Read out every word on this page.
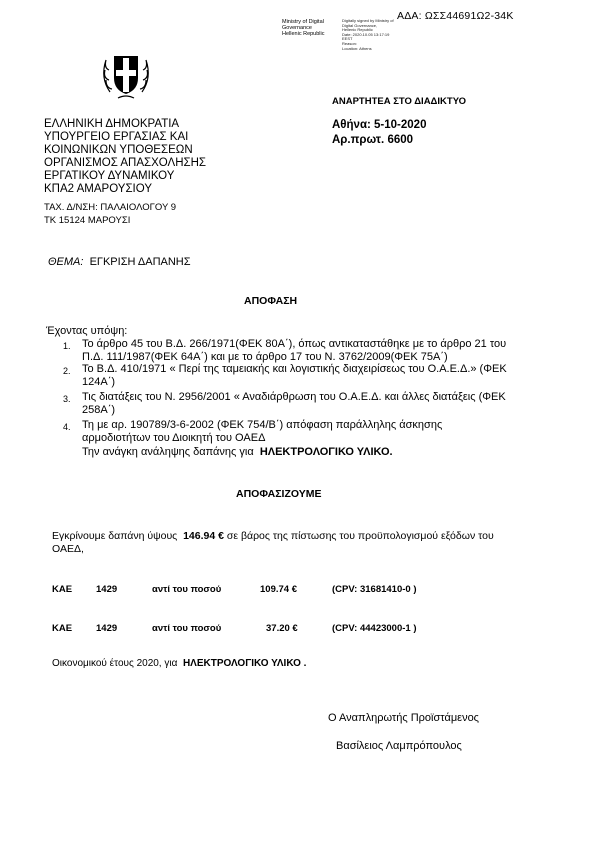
ΑΔΑ: ΩΣΣ44691Ω2-34Κ
Ministry of Digital
Governance
Hellenic Republic
Digitally signed by Ministry of
Digital Governance,
Hellenic Republic
Date: 2020.10.05 13:17:19
EEST
Reason:
Location: Athens
ΑΝΑΡΤΗΤΕΑ ΣΤΟ ΔΙΑΔΙΚΤΥΟ
ΕΛΛΗΝΙΚΗ ΔΗΜΟΚΡΑΤΙΑ
ΥΠΟΥΡΓΕΙΟ ΕΡΓΑΣΙΑΣ ΚΑΙ
ΚΟΙΝΩΝΙΚΩΝ ΥΠΟΘΕΣΕΩΝ
ΟΡΓΑΝΙΣΜΟΣ ΑΠΑΣΧΟΛΗΣΗΣ
ΕΡΓΑΤΙΚΟΥ ΔΥΝΑΜΙΚΟΥ
ΚΠΑ2 ΑΜΑΡΟΥΣΙΟΥ
ΤΑΧ. Δ/ΝΣΗ: ΠΑΛΑΙΟΛΟΓΟΥ 9
ΤΚ 15124 ΜΑΡΟΥΣΙ
Αθήνα: 5-10-2020
Αρ.πρωτ. 6600
ΘΕΜΑ: ΕΓΚΡΙΣΗ ΔΑΠΑΝΗΣ
ΑΠΟΦΑΣΗ
Έχοντας υπόψη:
1. Το άρθρο 45 του Β.Δ. 266/1971(ΦΕΚ 80Α΄), όπως αντικαταστάθηκε με το άρθρο 21 του
Π.Δ. 111/1987(ΦΕΚ 64Α΄) και με το άρθρο 17 του Ν. 3762/2009(ΦΕΚ 75Α΄)
2. Το Β.Δ. 410/1971 « Περί της ταμειακής και λογιστικής διαχειρίσεως του Ο.Α.Ε.Δ.» (ΦΕΚ
124Α΄)
3. Τις διατάξεις του Ν. 2956/2001 « Αναδιάρθρωση του Ο.Α.Ε.Δ. και άλλες διατάξεις (ΦΕΚ
258Α΄)
4. Τη με αρ. 190789/3-6-2002 (ΦΕΚ 754/Β΄) απόφαση παράλληλης άσκησης
αρμοδιοτήτων του Διοικητή του ΟΑΕΔ
Την ανάγκη ανάληψης δαπάνης για ΗΛΕΚΤΡΟΛΟΓΙΚΟ ΥΛΙΚΟ.
ΑΠΟΦΑΣΙΖΟΥΜΕ
Εγκρίνουμε δαπάνη ύψους 146.94 € σε βάρος της πίστωσης του προϋπολογισμού εξόδων του
ΟΑΕΔ,
ΚΑΕ	1429	αντί του ποσού	109.74 €	(CPV: 31681410-0 )
ΚΑΕ	1429	αντί του ποσού	37.20 €	(CPV: 44423000-1 )
Οικονομικού έτους 2020, για ΗΛΕΚΤΡΟΛΟΓΙΚΟ ΥΛΙΚΟ .
Ο Αναπληρωτής Προϊστάμενος
Βασίλειος Λαμπρόπουλος
